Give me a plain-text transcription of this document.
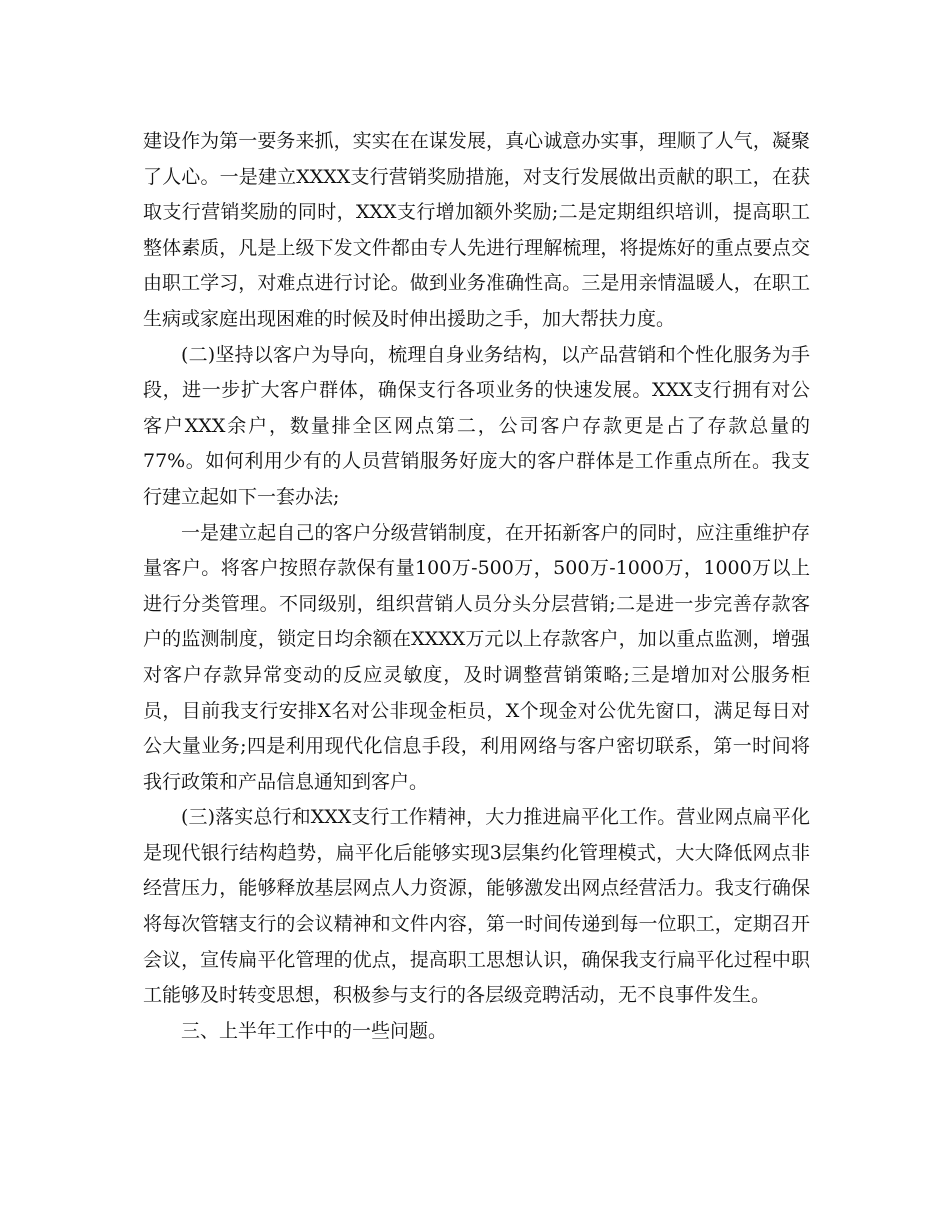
建设作为第一要务来抓，实实在在谋发展，真心诚意办实事，理顺了人气，凝聚了人心。一是建立XXXX支行营销奖励措施，对支行发展做出贡献的职工，在获取支行营销奖励的同时，XXX支行增加额外奖励;二是定期组织培训，提高职工整体素质，凡是上级下发文件都由专人先进行理解梳理，将提炼好的重点要点交由职工学习，对难点进行讨论。做到业务准确性高。三是用亲情温暖人，在职工生病或家庭出现困难的时候及时伸出援助之手，加大帮扶力度。

(二)坚持以客户为导向，梳理自身业务结构，以产品营销和个性化服务为手段，进一步扩大客户群体，确保支行各项业务的快速发展。XXX支行拥有对公客户XXX余户，数量排全区网点第二，公司客户存款更是占了存款总量的77%。如何利用少有的人员营销服务好庞大的客户群体是工作重点所在。我支行建立起如下一套办法;

一是建立起自己的客户分级营销制度，在开拓新客户的同时，应注重维护存量客户。将客户按照存款保有量100万-500万，500万-1000万，1000万以上进行分类管理。不同级别，组织营销人员分头分层营销;二是进一步完善存款客户的监测制度，锁定日均余额在XXXX万元以上存款客户，加以重点监测，增强对客户存款异常变动的反应灵敏度，及时调整营销策略;三是增加对公服务柜员，目前我支行安排X名对公非现金柜员，X个现金对公优先窗口，满足每日对公大量业务;四是利用现代化信息手段，利用网络与客户密切联系，第一时间将我行政策和产品信息通知到客户。

(三)落实总行和XXX支行工作精神，大力推进扁平化工作。营业网点扁平化是现代银行结构趋势，扁平化后能够实现3层集约化管理模式，大大降低网点非经营压力，能够释放基层网点人力资源，能够激发出网点经营活力。我支行确保将每次管辖支行的会议精神和文件内容，第一时间传递到每一位职工，定期召开会议，宣传扁平化管理的优点，提高职工思想认识，确保我支行扁平化过程中职工能够及时转变思想，积极参与支行的各层级竞聘活动，无不良事件发生。

三、上半年工作中的一些问题。
